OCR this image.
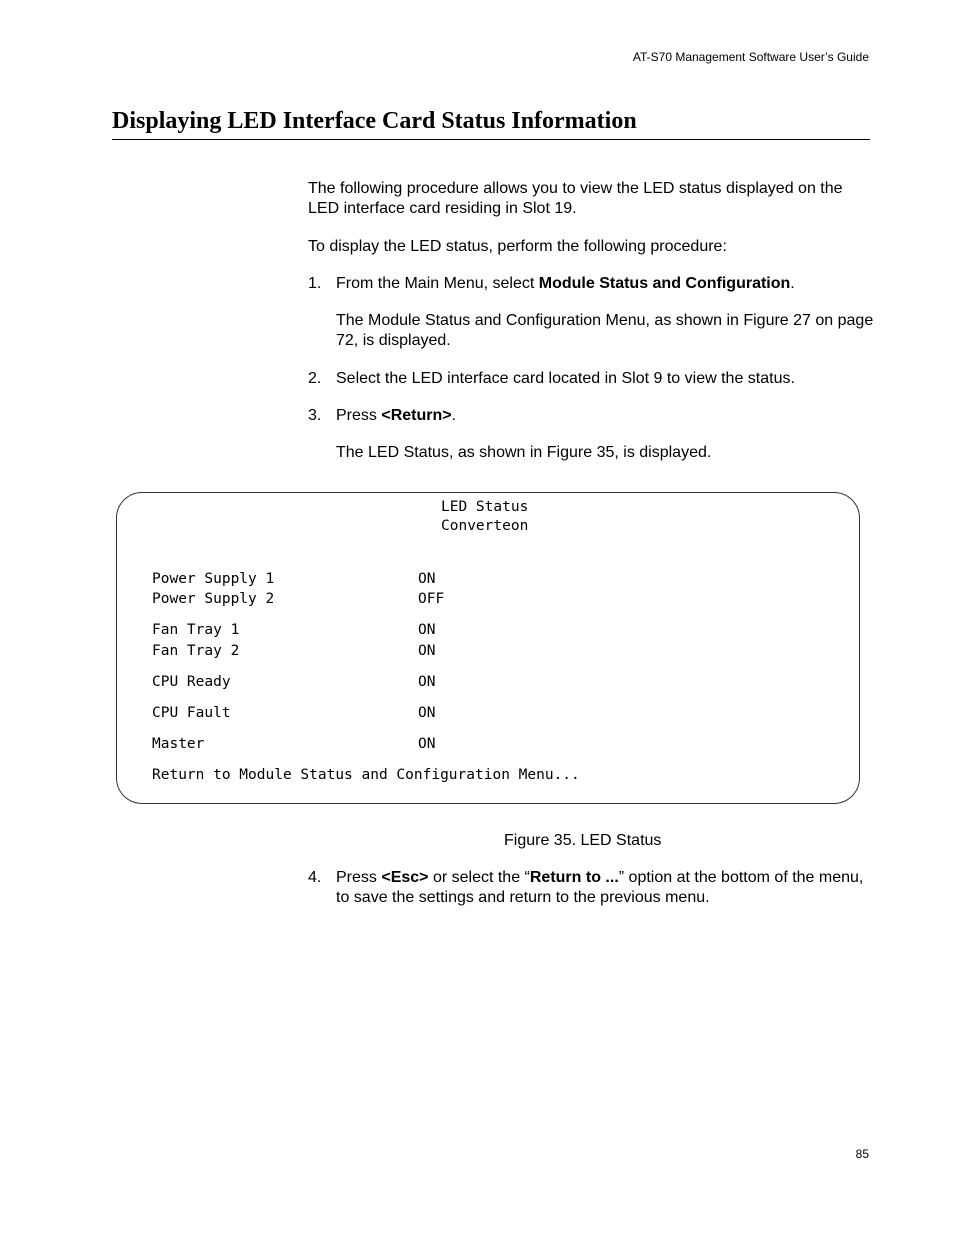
AT-S70 Management Software User’s Guide
Displaying LED Interface Card Status Information

The following procedure allows you to view the LED status displayed on the LED interface card residing in Slot 19.

To display the LED status, perform the following procedure:

1. From the Main Menu, select Module Status and Configuration.

The Module Status and Configuration Menu, as shown in Figure 27 on page 72, is displayed.

2. Select the LED interface card located in Slot 9 to view the status.
3. Press <Return>.

The LED Status, as shown in Figure 35, is displayed.

LED Status
Converteon
Power Supply 1	ON
Power Supply 2	OFF
Fan Tray 1	ON
Fan Tray 2	ON
CPU Ready	ON
CPU Fault	ON
Master	ON
Return to Module Status and Configuration Menu...
Figure 35. LED Status
4. Press <Esc> or select the “Return to ...” option at the bottom of the menu, to save the settings and return to the previous menu.
85
